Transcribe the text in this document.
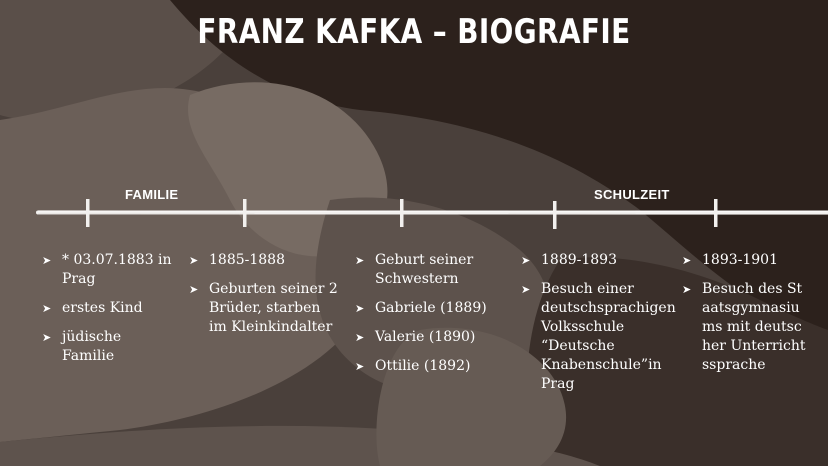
FRANZ KAFKA – BIOGRAFIE
FAMILIE	SCHULZEIT
➤ * 03.07.1883 in Prag
➤ erstes Kind
➤ jüdische Familie
➤ 1885-1888
➤ Geburten seiner 2 Brüder, starben im Kleinkindalter
➤ Geburt seiner Schwestern
➤ Gabriele (1889)
➤ Valerie (1890)
➤ Ottilie (1892)
➤ 1889-1893
➤ Besuch einer deutschsprachigen Volksschule “Deutsche Knabenschule”in Prag
➤ 1893-1901
➤ Besuch des Staatsgymnasiums mit deutscher Unterrichtssprache
